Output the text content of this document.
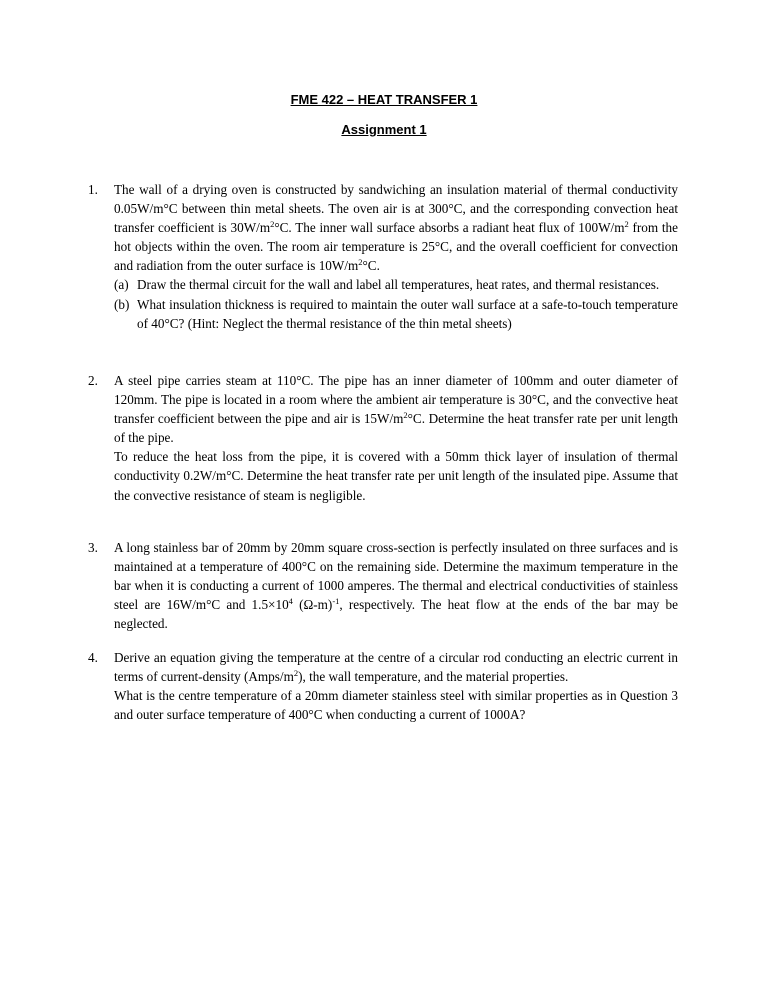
FME 422 – HEAT TRANSFER 1
Assignment 1
1. The wall of a drying oven is constructed by sandwiching an insulation material of thermal conductivity 0.05W/m°C between thin metal sheets. The oven air is at 300°C, and the corresponding convection heat transfer coefficient is $30W/m^2^\circ C$. The inner wall surface absorbs a radiant heat flux of $100W/m^2$ from the hot objects within the oven. The room air temperature is 25°C, and the overall coefficient for convection and radiation from the outer surface is $10W/m^2^\circ C$.

(a) Draw the thermal circuit for the wall and label all temperatures, heat rates, and thermal resistances.
(b) What insulation thickness is required to maintain the outer wall surface at a safe-to-touch temperature of 40°C? (Hint: Neglect the thermal resistance of the thin metal sheets)
2. A steel pipe carries steam at 110°C. The pipe has an inner diameter of 100mm and outer diameter of 120mm. The pipe is located in a room where the ambient air temperature is 30°C, and the convective heat transfer coefficient between the pipe and air is $15W/m^2^\circ C$. Determine the heat transfer rate per unit length of the pipe.

To reduce the heat loss from the pipe, it is covered with a 50mm thick layer of insulation of thermal conductivity 0.2W/m°C. Determine the heat transfer rate per unit length of the insulated pipe. Assume that the convective resistance of steam is negligible.

3. A long stainless bar of 20mm by 20mm square cross-section is perfectly insulated on three surfaces and is maintained at a temperature of 400°C on the remaining side. Determine the maximum temperature in the bar when it is conducting a current of 1000 amperes. The thermal and electrical conductivities of stainless steel are 16W/m°C and $1.5\times 10^4$ $(\Omega-m)^{-1}$, respectively. The heat flow at the ends of the bar may be neglected.

4. Derive an equation giving the temperature at the centre of a circular rod conducting an electric current in terms of current-density $(Amps/m^2)$, the wall temperature, and the material properties.

What is the centre temperature of a 20mm diameter stainless steel with similar properties as in Question 3 and outer surface temperature of 400°C when conducting a current of 1000A?
